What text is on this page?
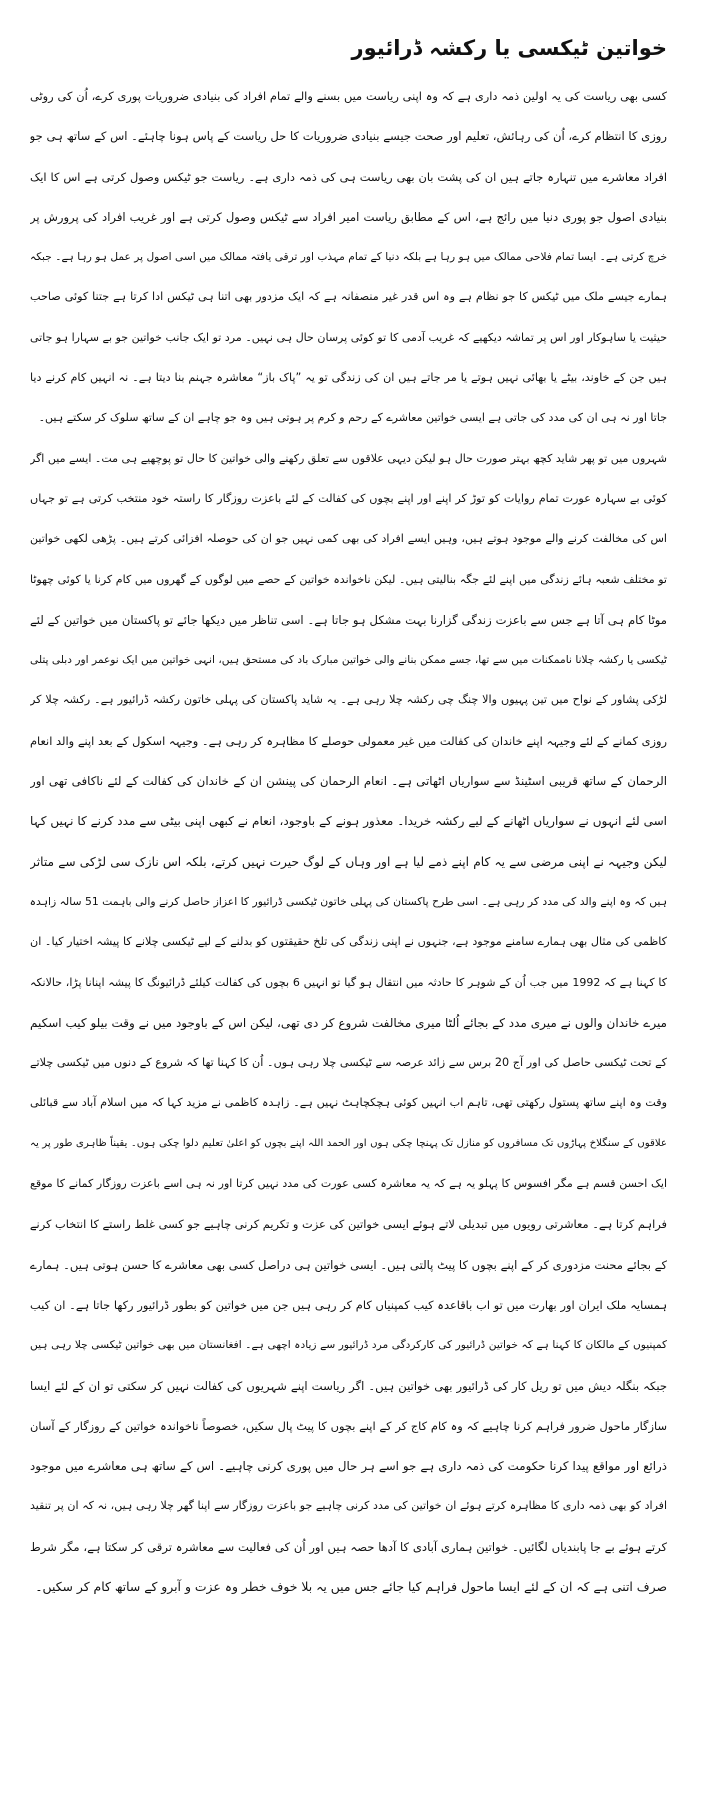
خواتین ٹیکسی یا رکشہ ڈرائیور
کسی بھی ریاست کی یہ اولین ذمہ داری ہے کہ وہ اپنی ریاست میں بسنے والے تمام افراد کی بنیادی ضروریات پوری کرے، اُن کی روٹی
روزی کا انتظام کرے، اُن کی رہائش، تعلیم اور صحت جیسے بنیادی ضروریات کا حل ریاست کے پاس ہونا چاہئے۔ اس کے ساتھ ہی جو
افراد معاشرے میں تنہارہ جاتے ہیں ان کی پشت بان بھی ریاست ہی کی ذمہ داری ہے۔ ریاست جو ٹیکس وصول کرتی ہے اس کا ایک
بنیادی اصول جو پوری دنیا میں رائج ہے، اس کے مطابق ریاست امیر افراد سے ٹیکس وصول کرتی ہے اور غریب افراد کی پرورش پر
خرچ کرتی ہے۔ ایسا تمام فلاحی ممالک میں ہو رہا ہے بلکہ دنیا کے تمام مہذب اور ترقی یافتہ ممالک میں اسی اصول پر عمل ہو رہا ہے۔ جبکہ
ہمارے جیسے ملک میں ٹیکس کا جو نظام ہے وہ اس قدر غیر منصفانہ ہے کہ ایک مزدور بھی اتنا ہی ٹیکس ادا کرتا ہے جتنا کوئی صاحب
حیثیت یا ساہوکار اور اس پر تماشہ دیکھیے کہ غریب آدمی کا تو کوئی پرسان حال ہی نہیں۔ مرد تو ایک جانب خواتین جو بے سہارا ہو جاتی
ہیں جن کے خاوند، بیٹے یا بھائی نہیں ہوتے یا مر جاتے ہیں ان کی زندگی تو یہ ”پاک باز“ معاشرہ جہنم بنا دیتا ہے۔ نہ انہیں کام کرنے دیا
جاتا اور نہ ہی ان کی مدد کی جاتی ہے ایسی خواتین معاشرے کے رحم و کرم پر ہوتی ہیں وہ جو چاہے ان کے ساتھ سلوک کر سکتے ہیں۔
شہروں میں تو پھر شاید کچھ بہتر صورت حال ہو لیکن دیہی علاقوں سے تعلق رکھنے والی خواتین کا حال تو پوچھیے ہی مت۔ ایسے میں اگر
کوئی بے سہارہ عورت تمام روایات کو توڑ کر اپنے اور اپنے بچوں کی کفالت کے لئے باعزت روزگار کا راستہ خود منتخب کرتی ہے تو جہاں
اس کی مخالفت کرنے والے موجود ہوتے ہیں، وہیں ایسے افراد کی بھی کمی نہیں جو ان کی حوصلہ افزائی کرتے ہیں۔ پڑھی لکھی خواتین
تو مختلف شعبہ ہائے زندگی میں اپنے لئے جگہ بنالیتی ہیں۔ لیکن ناخواندہ خواتین کے حصے میں لوگوں کے گھروں میں کام کرنا یا کوئی چھوٹا
موٹا کام ہی آتا ہے جس سے باعزت زندگی گزارنا بہت مشکل ہو جاتا ہے۔ اسی تناظر میں دیکھا جائے تو پاکستان میں خواتین کے لئے
ٹیکسی یا رکشہ چلانا ناممکنات میں سے تھا، جسے ممکن بنانے والی خواتین مبارک باد کی مستحق ہیں، انہی خواتین میں ایک نوعمر اور دبلی پتلی
لڑکی پشاور کے نواح میں تین پہیوں والا چنگ چی رکشہ چلا رہی ہے۔ یہ شاید پاکستان کی پہلی خاتون رکشہ ڈرائیور ہے۔ رکشہ چلا کر
روزی کمانے کے لئے وجیہہ اپنے خاندان کی کفالت میں غیر معمولی حوصلے کا مظاہرہ کر رہی ہے۔ وجیہہ اسکول کے بعد اپنے والد انعام
الرحمان کے ساتھ قریبی اسٹینڈ سے سواریاں اٹھاتی ہے۔ انعام الرحمان کی پینشن ان کے خاندان کی کفالت کے لئے ناکافی تھی اور
اسی لئے انہوں نے سواریاں اٹھانے کے لیے رکشہ خریدا۔ معذور ہونے کے باوجود، انعام نے کبھی اپنی بیٹی سے مدد کرنے کا نہیں کہا
لیکن وجیہہ نے اپنی مرضی سے یہ کام اپنے ذمے لیا ہے اور وہاں کے لوگ حیرت نہیں کرتے، بلکہ اس نازک سی لڑکی سے متاثر
ہیں کہ وہ اپنے والد کی مدد کر رہی ہے۔ اسی طرح پاکستان کی پہلی خاتون ٹیکسی ڈرائیور کا اعزاز حاصل کرنے والی باہمت 51 سالہ زاہدہ
کاظمی کی مثال بھی ہمارے سامنے موجود ہے، جنہوں نے اپنی زندگی کی تلخ حقیقتوں کو بدلنے کے لیے ٹیکسی چلانے کا پیشہ اختیار کیا۔ ان
کا کہنا ہے کہ 1992 میں جب اُن کے شوہر کا حادثہ میں انتقال ہو گیا تو انہیں 6 بچوں کی کفالت کیلئے ڈرائیونگ کا پیشہ اپنانا پڑا، حالانکہ
میرے خاندان والوں نے میری مدد کے بجائے اُلٹا میری مخالفت شروع کر دی تھی، لیکن اس کے باوجود میں نے وقت بیلو کیب اسکیم
کے تحت ٹیکسی حاصل کی اور آج 20 برس سے زائد عرصہ سے ٹیکسی چلا رہی ہوں۔ اُن کا کہنا تھا کہ شروع کے دنوں میں ٹیکسی چلاتے
وقت وہ اپنے ساتھ پستول رکھتی تھی، تاہم اب انہیں کوئی ہچکچاہٹ نہیں ہے۔ زاہدہ کاظمی نے مزید کہا کہ میں اسلام آباد سے قبائلی
علاقوں کے سنگلاخ پہاڑوں تک مسافروں کو منازل تک پہنچا چکی ہوں اور الحمد اللہ اپنے بچوں کو اعلیٰ تعلیم دلوا چکی ہوں۔ یقیناً ظاہری طور پر یہ
ایک احسن قسم ہے مگر افسوس کا پہلو یہ ہے کہ یہ معاشرہ کسی عورت کی مدد نہیں کرتا اور نہ ہی اسے باعزت روزگار کمانے کا موقع
فراہم کرتا ہے۔ معاشرتی رویوں میں تبدیلی لاتے ہوئے ایسی خواتین کی عزت و تکریم کرنی چاہیے جو کسی غلط راستے کا انتخاب کرنے
کے بجائے محنت مزدوری کر کے اپنے بچوں کا پیٹ پالتی ہیں۔ ایسی خواتین ہی دراصل کسی بھی معاشرے کا حسن ہوتی ہیں۔ ہمارے
ہمسایہ ملک ایران اور بھارت میں تو اب باقاعدہ کیب کمپنیاں کام کر رہی ہیں جن میں خواتین کو بطور ڈرائیور رکھا جاتا ہے۔ ان کیب
کمپنیوں کے مالکان کا کہنا ہے کہ خواتین ڈرائیور کی کارکردگی مرد ڈرائیور سے زیادہ اچھی ہے۔ افغانستان میں بھی خواتین ٹیکسی چلا رہی ہیں
جبکہ بنگلہ دیش میں تو ریل کار کی ڈرائیور بھی خواتین ہیں۔ اگر ریاست اپنے شہریوں کی کفالت نہیں کر سکتی تو ان کے لئے ایسا
سازگار ماحول ضرور فراہم کرنا چاہیے کہ وہ کام کاج کر کے اپنے بچوں کا پیٹ پال سکیں، خصوصاً ناخواندہ خواتین کے روزگار کے آسان
ذرائع اور مواقع پیدا کرنا حکومت کی ذمہ داری ہے جو اسے ہر حال میں پوری کرنی چاہیے۔ اس کے ساتھ ہی معاشرے میں موجود
افراد کو بھی ذمہ داری کا مظاہرہ کرتے ہوئے ان خواتین کی مدد کرنی چاہیے جو باعزت روزگار سے اپنا گھر چلا رہی ہیں، نہ کہ ان پر تنقید
کرتے ہوئے بے جا پابندیاں لگائیں۔ خواتین ہماری آبادی کا آدھا حصہ ہیں اور اُن کی فعالیت سے معاشرہ ترقی کر سکتا ہے، مگر شرط
صرف اتنی ہے کہ ان کے لئے ایسا ماحول فراہم کیا جائے جس میں یہ بلا خوف خطر وہ عزت و آبرو کے ساتھ کام کر سکیں۔
